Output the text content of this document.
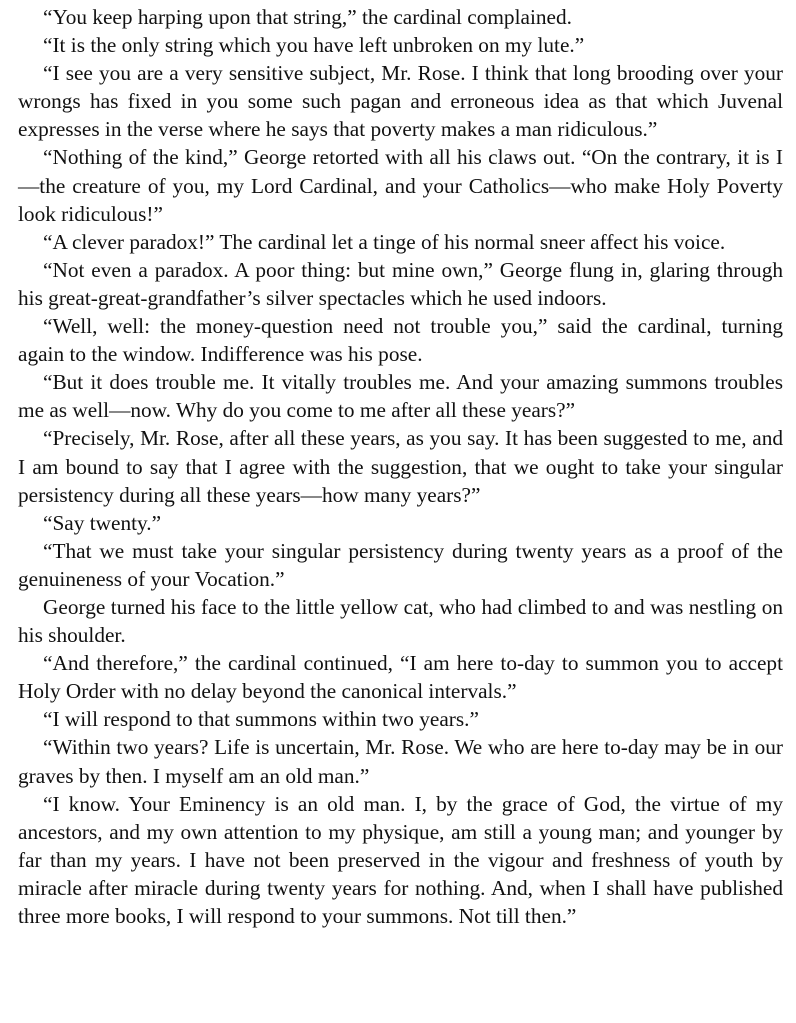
“You keep harping upon that string,” the cardinal complained.

“It is the only string which you have left unbroken on my lute.”

“I see you are a very sensitive subject, Mr. Rose. I think that long brooding over your wrongs has fixed in you some such pagan and erroneous idea as that which Juvenal expresses in the verse where he says that poverty makes a man ridiculous.”

“Nothing of the kind,” George retorted with all his claws out. “On the contrary, it is I—the creature of you, my Lord Cardinal, and your Catholics—who make Holy Poverty look ridiculous!”

“A clever paradox!” The cardinal let a tinge of his normal sneer affect his voice.

“Not even a paradox. A poor thing: but mine own,” George flung in, glaring through his great-great-grandfather’s silver spectacles which he used indoors.

“Well, well: the money-question need not trouble you,” said the cardinal, turning again to the window. Indifference was his pose.

“But it does trouble me. It vitally troubles me. And your amazing summons troubles me as well—now. Why do you come to me after all these years?”

“Precisely, Mr. Rose, after all these years, as you say. It has been suggested to me, and I am bound to say that I agree with the suggestion, that we ought to take your singular persistency during all these years—how many years?”

“Say twenty.”

“That we must take your singular persistency during twenty years as a proof of the genuineness of your Vocation.”

George turned his face to the little yellow cat, who had climbed to and was nestling on his shoulder.

“And therefore,” the cardinal continued, “I am here to-day to summon you to accept Holy Order with no delay beyond the canonical intervals.”

“I will respond to that summons within two years.”

“Within two years? Life is uncertain, Mr. Rose. We who are here to-day may be in our graves by then. I myself am an old man.”

“I know. Your Eminency is an old man. I, by the grace of God, the virtue of my ancestors, and my own attention to my physique, am still a young man; and younger by far than my years. I have not been preserved in the vigour and freshness of youth by miracle after miracle during twenty years for nothing. And, when I shall have published three more books, I will respond to your summons. Not till then.”
